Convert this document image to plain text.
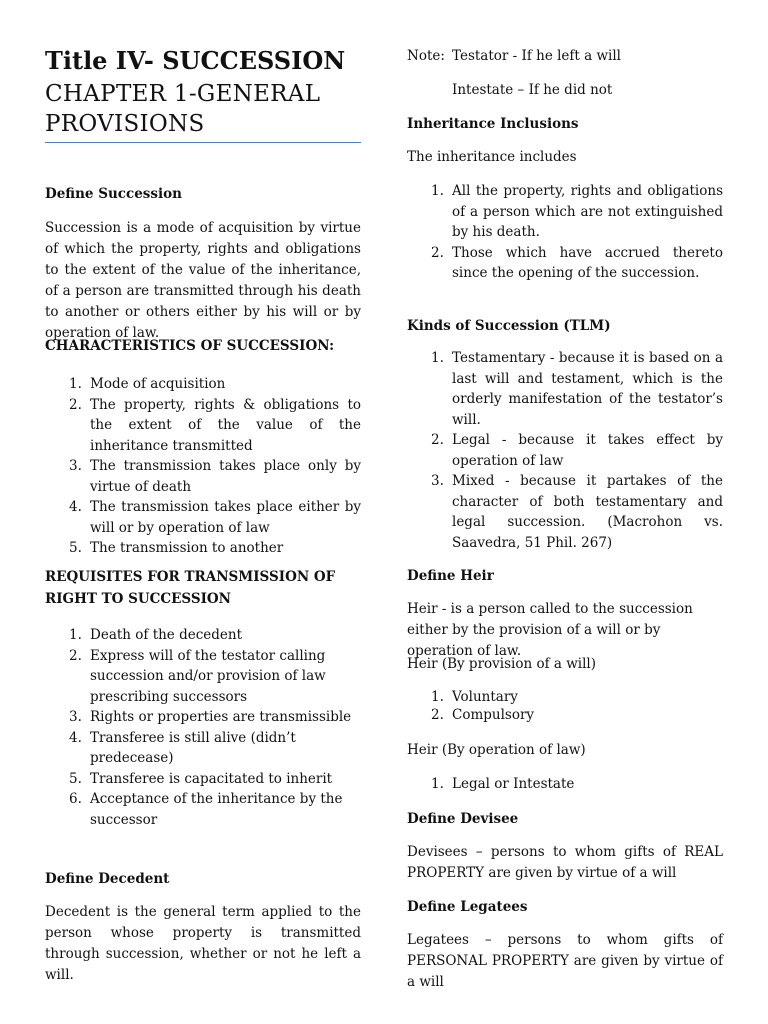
Title IV- SUCCESSION
CHAPTER 1-GENERAL
PROVISIONS
Define Succession

Succession is a mode of acquisition by virtue of which the property, rights and obligations to the extent of the value of the inheritance, of a person are transmitted through his death to another or others either by his will or by operation of law.

CHARACTERISTICS OF SUCCESSION:
1. Mode of acquisition
2. The property, rights & obligations to the extent of the value of the inheritance transmitted
3. The transmission takes place only by virtue of death
4. The transmission takes place either by will or by operation of law
5. The transmission to another
REQUISITES FOR TRANSMISSION OF RIGHT TO SUCCESSION
1. Death of the decedent
2. Express will of the testator calling succession and/or provision of law prescribing successors
3. Rights or properties are transmissible
4. Transferee is still alive (didn’t predecease)
5. Transferee is capacitated to inherit
6. Acceptance of the inheritance by the successor
Define Decedent

Decedent is the general term applied to the person whose property is transmitted through succession, whether or not he left a will.

Note: Testator - If he left a will
Intestate – If he did not
Inheritance Inclusions
The inheritance includes
1. All the property, rights and obligations of a person which are not extinguished by his death.
2. Those which have accrued thereto since the opening of the succession.
Kinds of Succession (TLM)
1. Testamentary - because it is based on a last will and testament, which is the orderly manifestation of the testator’s will.
2. Legal - because it takes effect by operation of law
3. Mixed - because it partakes of the character of both testamentary and legal succession. (Macrohon vs. Saavedra, 51 Phil. 267)
Define Heir

Heir - is a person called to the succession either by the provision of a will or by operation of law.

Heir (By provision of a will)
1. Voluntary
2. Compulsory
Heir (By operation of law)
1. Legal or Intestate
Define Devisee

Devisees – persons to whom gifts of REAL PROPERTY are given by virtue of a will

Define Legatees

Legatees – persons to whom gifts of PERSONAL PROPERTY are given by virtue of a will
